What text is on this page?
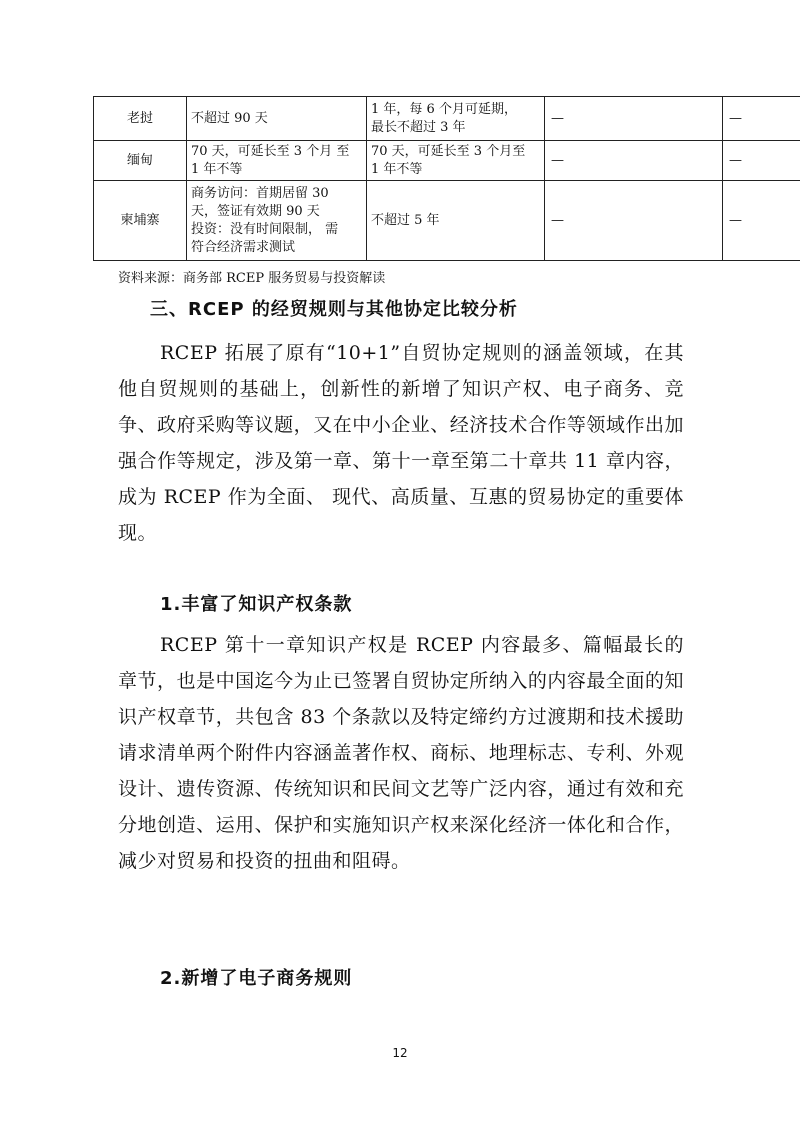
老挝	不超过 90 天	1 年，每 6 个月可延期，
最长不超过 3 年	—	—
缅甸	70 天，可延长至 3 个月 至
1 年不等	70 天，可延长至 3 个月至
1 年不等	—	—
柬埔寨	商务访问：首期居留 30
天，签证有效期 90 天
投资：没有时间限制， 需
符合经济需求测试	不超过 5 年	—	—
资料来源：商务部 RCEP 服务贸易与投资解读
三、RCEP 的经贸规则与其他协定比较分析

RCEP 拓展了原有“10+1”自贸协定规则的涵盖领域，在其他自贸规则的基础上，创新性的新增了知识产权、电子商务、竞争、政府采购等议题，又在中小企业、经济技术合作等领域作出加强合作等规定，涉及第一章、第十一章至第二十章共 11 章内容，成为 RCEP 作为全面、 现代、高质量、互惠的贸易协定的重要体现。

1.丰富了知识产权条款

RCEP 第十一章知识产权是 RCEP 内容最多、篇幅最长的章节，也是中国迄今为止已签署自贸协定所纳入的内容最全面的知识产权章节，共包含 83 个条款以及特定缔约方过渡期和技术援助请求清单两个附件内容涵盖著作权、商标、地理标志、专利、外观设计、遗传资源、传统知识和民间文艺等广泛内容，通过有效和充分地创造、运用、保护和实施知识产权来深化经济一体化和合作，减少对贸易和投资的扭曲和阻碍。

2.新增了电子商务规则
12
